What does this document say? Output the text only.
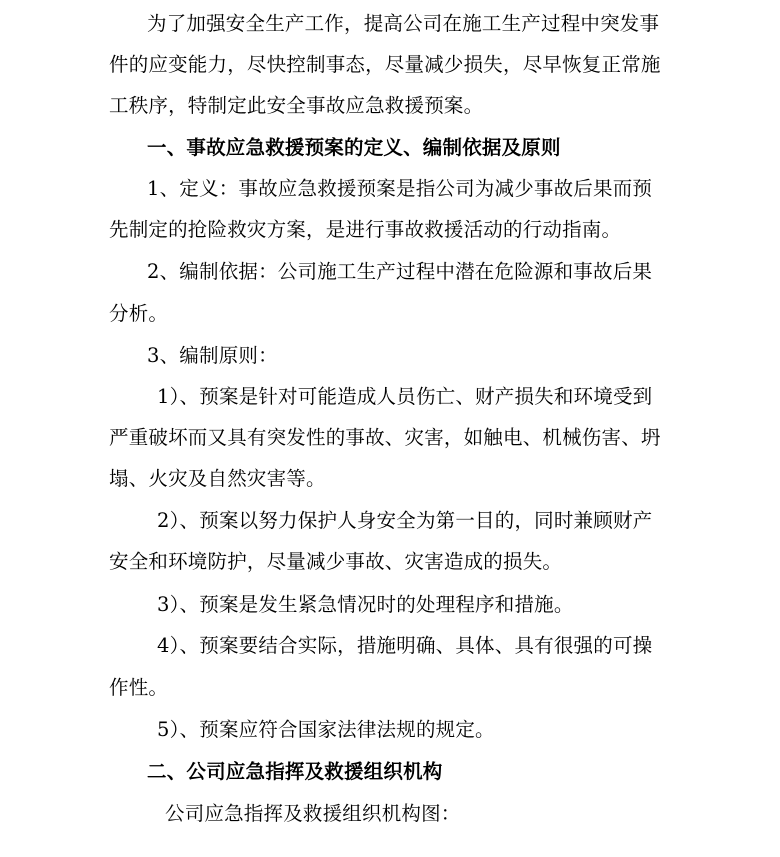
为了加强安全生产工作，提高公司在施工生产过程中突发事
件的应变能力，尽快控制事态，尽量减少损失，尽早恢复正常施
工秩序，特制定此安全事故应急救援预案。
一、事故应急救援预案的定义、编制依据及原则
1、定义：事故应急救援预案是指公司为减少事故后果而预
先制定的抢险救灾方案，是进行事故救援活动的行动指南。
2、编制依据：公司施工生产过程中潜在危险源和事故后果
分析。
3、编制原则：
1）、预案是针对可能造成人员伤亡、财产损失和环境受到
严重破坏而又具有突发性的事故、灾害，如触电、机械伤害、坍
塌、火灾及自然灾害等。
2）、预案以努力保护人身安全为第一目的，同时兼顾财产
安全和环境防护，尽量减少事故、灾害造成的损失。
3）、预案是发生紧急情况时的处理程序和措施。
4）、预案要结合实际，措施明确、具体、具有很强的可操
作性。
5）、预案应符合国家法律法规的规定。
二、公司应急指挥及救援组织机构
公司应急指挥及救援组织机构图：
